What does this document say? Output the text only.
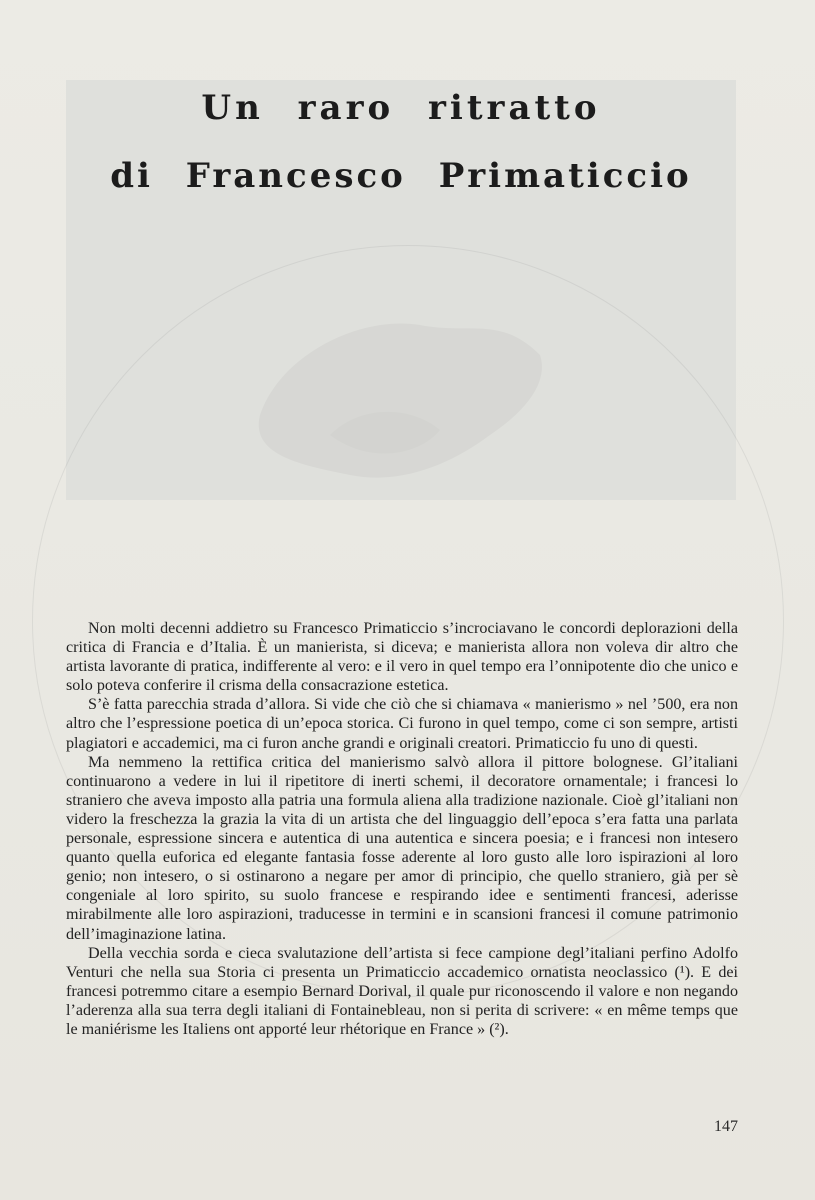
Un raro ritratto
di Francesco Primaticcio

Non molti decenni addietro su Francesco Primaticcio s’incrociavano le concordi deplorazioni della critica di Francia e d’Italia. È un manierista, si diceva; e manierista allora non voleva dir altro che artista lavorante di pratica, indifferente al vero: e il vero in quel tempo era l’onnipotente dio che unico e solo poteva conferire il crisma della consacrazione estetica.

S’è fatta parecchia strada d’allora. Si vide che ciò che si chiamava « manierismo » nel ’500, era non altro che l’espressione poetica di un’epoca storica. Ci furono in quel tempo, come ci son sempre, artisti plagiatori e accademici, ma ci furon anche grandi e originali creatori. Primaticcio fu uno di questi.

Ma nemmeno la rettifica critica del manierismo salvò allora il pittore bolognese. Gl’italiani continuarono a vedere in lui il ripetitore di inerti schemi, il decoratore ornamentale; i francesi lo straniero che aveva imposto alla patria una formula aliena alla tradizione nazionale. Cioè gl’italiani non videro la freschezza la grazia la vita di un artista che del linguaggio dell’epoca s’era fatta una parlata personale, espressione sincera e autentica di una autentica e sincera poesia; e i francesi non intesero quanto quella euforica ed elegante fantasia fosse aderente al loro gusto alle loro ispirazioni al loro genio; non intesero, o si ostinarono a negare per amor di principio, che quello straniero, già per sè congeniale al loro spirito, su suolo francese e respirando idee e sentimenti francesi, aderisse mirabilmente alle loro aspirazioni, traducesse in termini e in scansioni francesi il comune patrimonio dell’imaginazione latina.

Della vecchia sorda e cieca svalutazione dell’artista si fece campione degl’italiani perfino Adolfo Venturi che nella sua Storia ci presenta un Primaticcio accademico ornatista neoclassico (¹). E dei francesi potremmo citare a esempio Bernard Dorival, il quale pur riconoscendo il valore e non negando l’aderenza alla sua terra degli italiani di Fontainebleau, non si perita di scrivere: « en même temps que le maniérisme les Italiens ont apporté leur rhétorique en France » (²).

147
